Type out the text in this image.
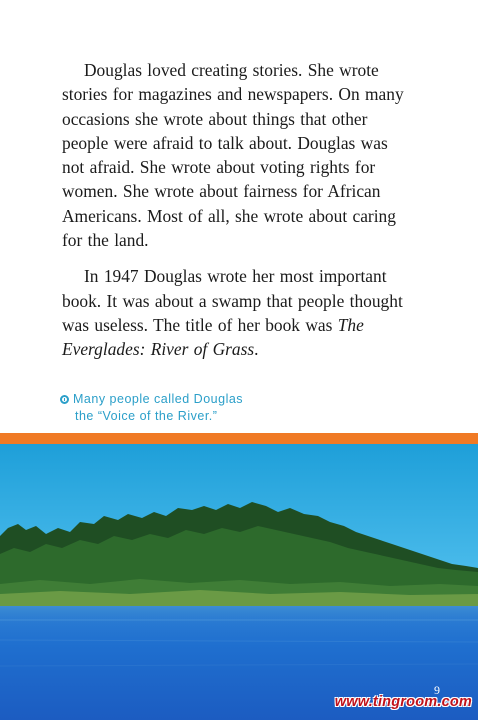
Douglas loved creating stories. She wrote stories for magazines and newspapers. On many occasions she wrote about things that other people were afraid to talk about. Douglas was not afraid. She wrote about voting rights for women. She wrote about fairness for African Americans. Most of all, she wrote about caring for the land.

In 1947 Douglas wrote her most important book. It was about a swamp that people thought was useless. The title of her book was The Everglades: River of Grass.

Many people called Douglas
the “Voice of the River.”
9
www.tingroom.com
